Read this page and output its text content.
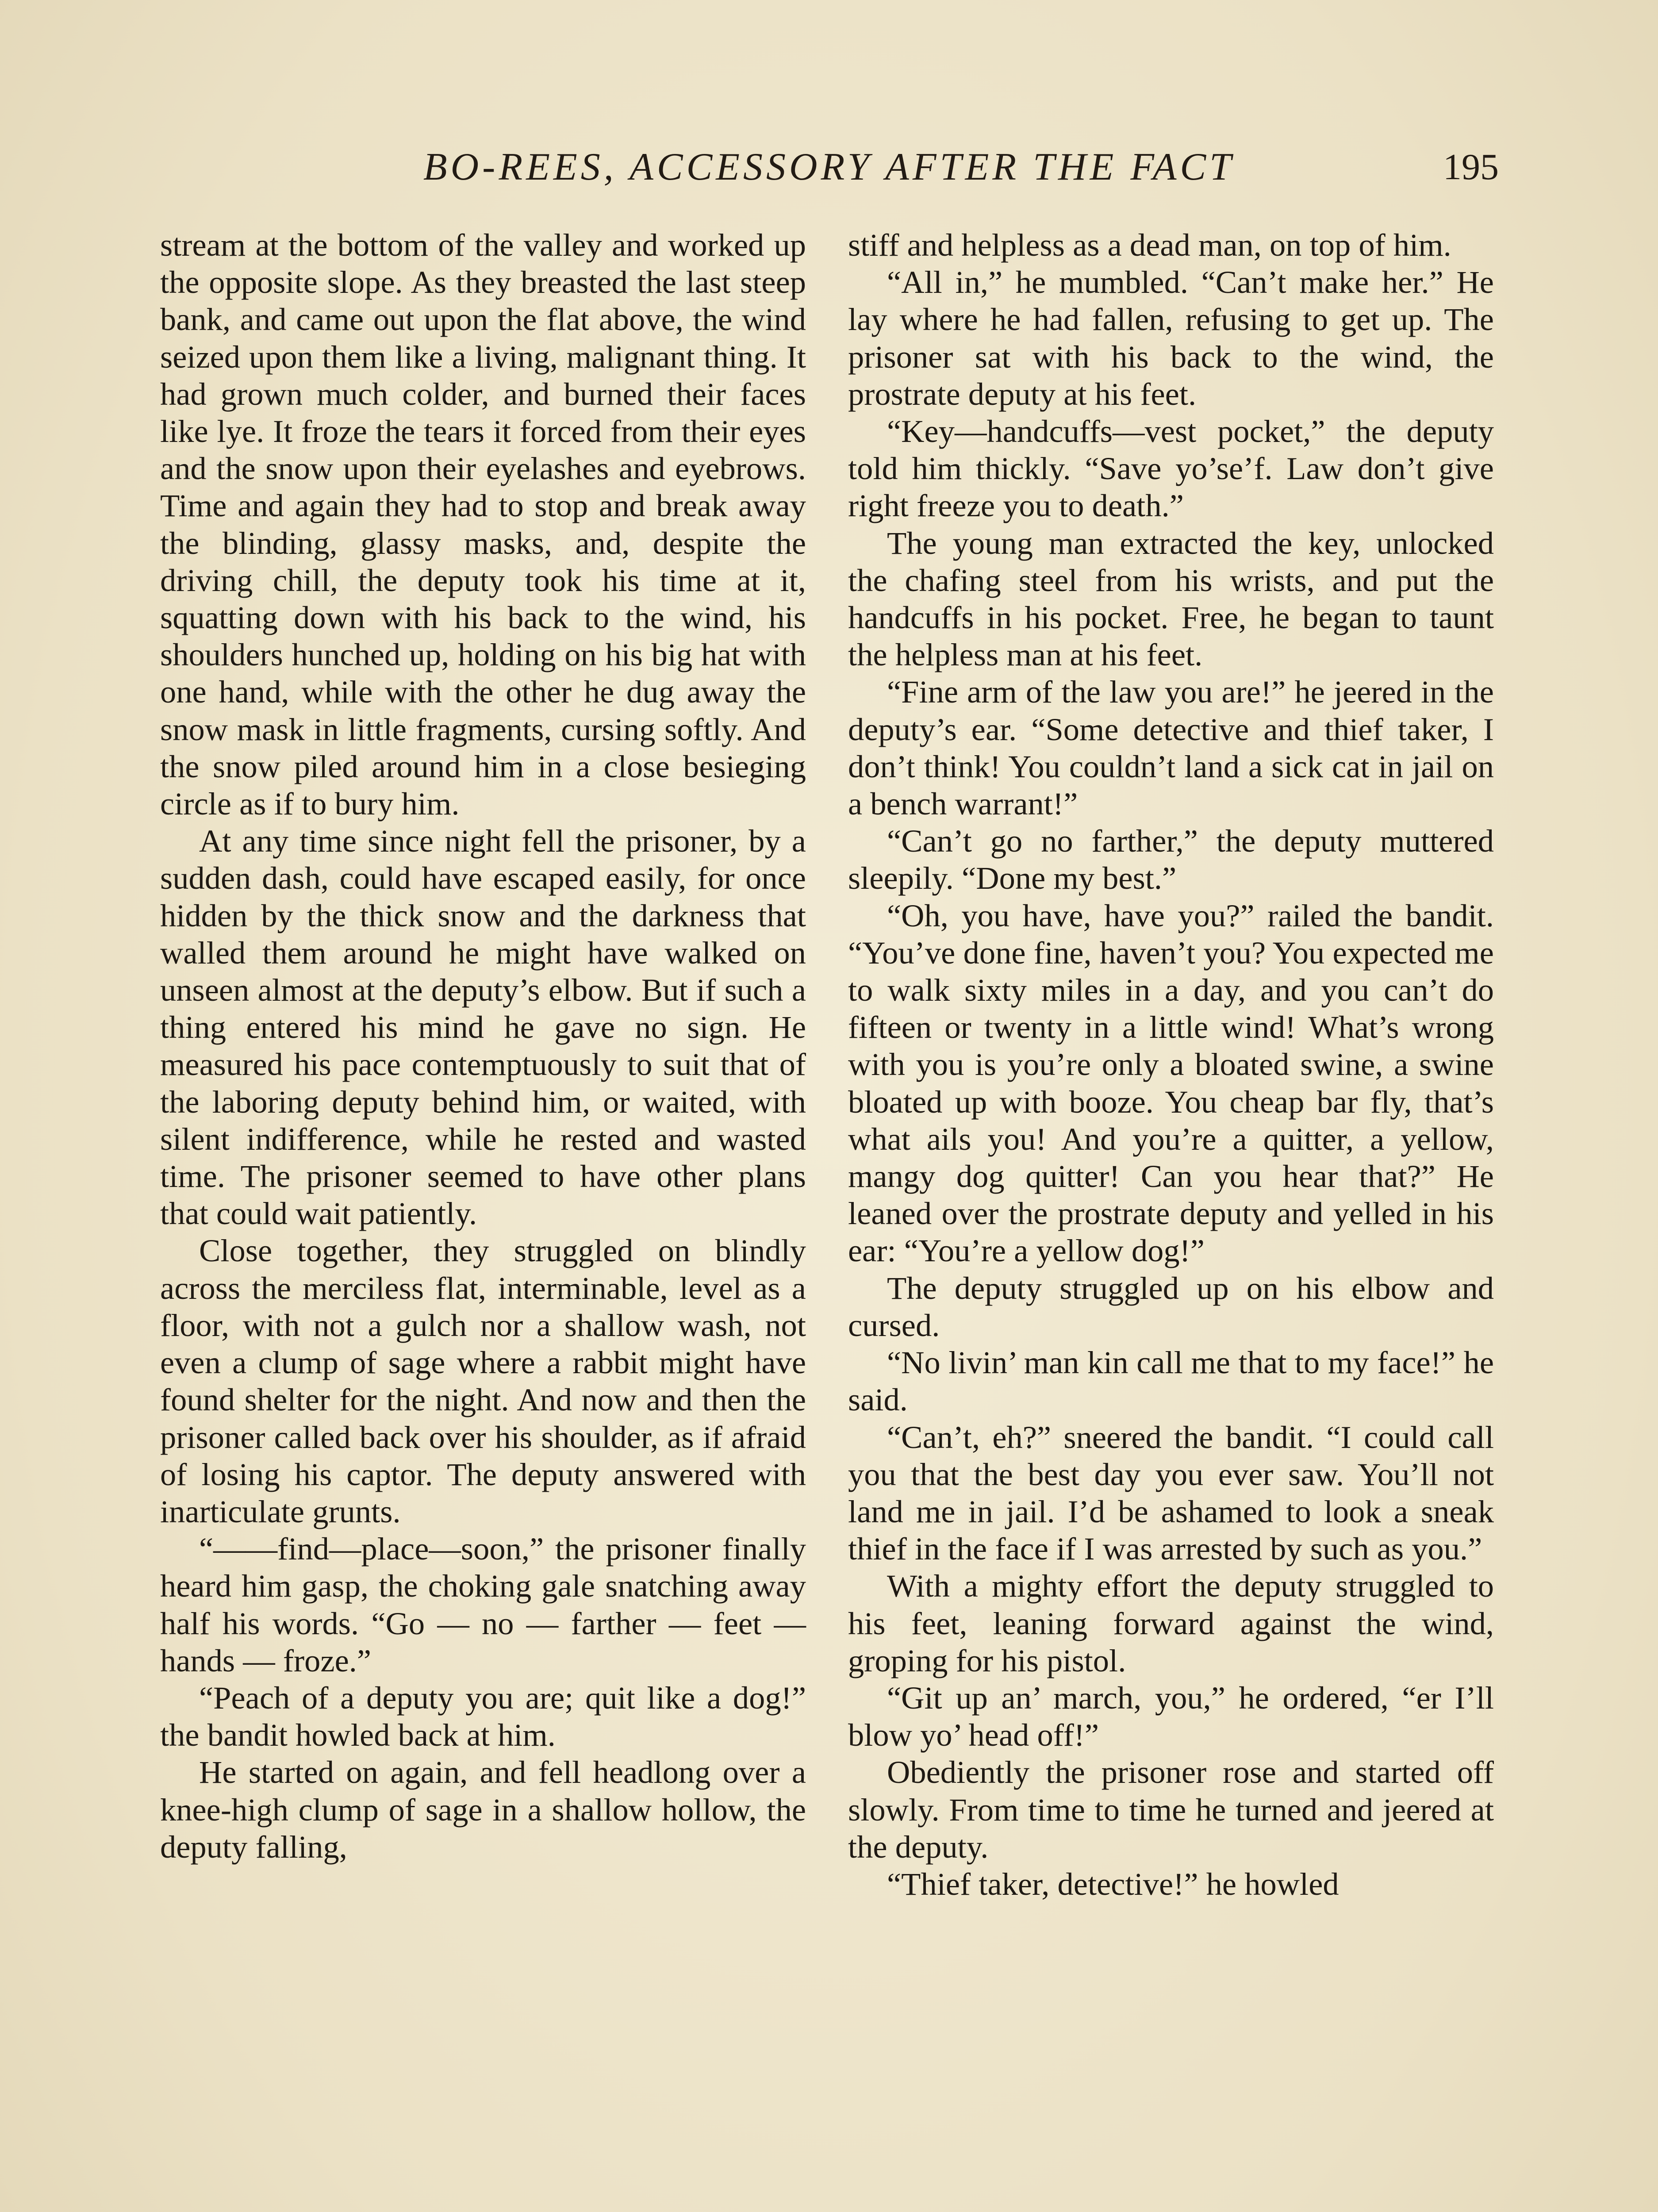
BO-REES, ACCESSORY AFTER THE FACT	195

stream at the bottom of the valley and worked up the opposite slope. As they breasted the last steep bank, and came out upon the flat above, the wind seized upon them like a living, malignant thing. It had grown much colder, and burned their faces like lye. It froze the tears it forced from their eyes and the snow upon their eyelashes and eyebrows. Time and again they had to stop and break away the blinding, glassy masks, and, despite the driving chill, the deputy took his time at it, squatting down with his back to the wind, his shoulders hunched up, holding on his big hat with one hand, while with the other he dug away the snow mask in little fragments, cursing softly. And the snow piled around him in a close besieging circle as if to bury him.

At any time since night fell the prisoner, by a sudden dash, could have escaped easily, for once hidden by the thick snow and the darkness that walled them around he might have walked on unseen almost at the deputy’s elbow. But if such a thing entered his mind he gave no sign. He measured his pace contemptuously to suit that of the laboring deputy behind him, or waited, with silent indifference, while he rested and wasted time. The prisoner seemed to have other plans that could wait patiently.

Close together, they struggled on blindly across the merciless flat, interminable, level as a floor, with not a gulch nor a shallow wash, not even a clump of sage where a rabbit might have found shelter for the night. And now and then the prisoner called back over his shoulder, as if afraid of losing his captor. The deputy answered with inarticulate grunts.

“——find—place—soon,” the prisoner finally heard him gasp, the choking gale snatching away half his words. “Go — no — farther — feet — hands — froze.”

“Peach of a deputy you are; quit like a dog!” the bandit howled back at him.

He started on again, and fell headlong over a knee-high clump of sage in a shallow hollow, the deputy falling,

stiff and helpless as a dead man, on top of him.

“All in,” he mumbled. “Can’t make her.” He lay where he had fallen, refusing to get up. The prisoner sat with his back to the wind, the prostrate deputy at his feet.

“Key—handcuffs—vest pocket,” the deputy told him thickly. “Save yo’se’f. Law don’t give right freeze you to death.”

The young man extracted the key, unlocked the chafing steel from his wrists, and put the handcuffs in his pocket. Free, he began to taunt the helpless man at his feet.

“Fine arm of the law you are!” he jeered in the deputy’s ear. “Some detective and thief taker, I don’t think! You couldn’t land a sick cat in jail on a bench warrant!”

“Can’t go no farther,” the deputy muttered sleepily. “Done my best.”

“Oh, you have, have you?” railed the bandit. “You’ve done fine, haven’t you? You expected me to walk sixty miles in a day, and you can’t do fifteen or twenty in a little wind! What’s wrong with you is you’re only a bloated swine, a swine bloated up with booze. You cheap bar fly, that’s what ails you! And you’re a quitter, a yellow, mangy dog quitter! Can you hear that?” He leaned over the prostrate deputy and yelled in his ear: “You’re a yellow dog!”

The deputy struggled up on his elbow and cursed.

“No livin’ man kin call me that to my face!” he said.

“Can’t, eh?” sneered the bandit. “I could call you that the best day you ever saw. You’ll not land me in jail. I’d be ashamed to look a sneak thief in the face if I was arrested by such as you.”

With a mighty effort the deputy struggled to his feet, leaning forward against the wind, groping for his pistol.

“Git up an’ march, you,” he ordered, “er I’ll blow yo’ head off!”

Obediently the prisoner rose and started off slowly. From time to time he turned and jeered at the deputy.

“Thief taker, detective!” he howled
